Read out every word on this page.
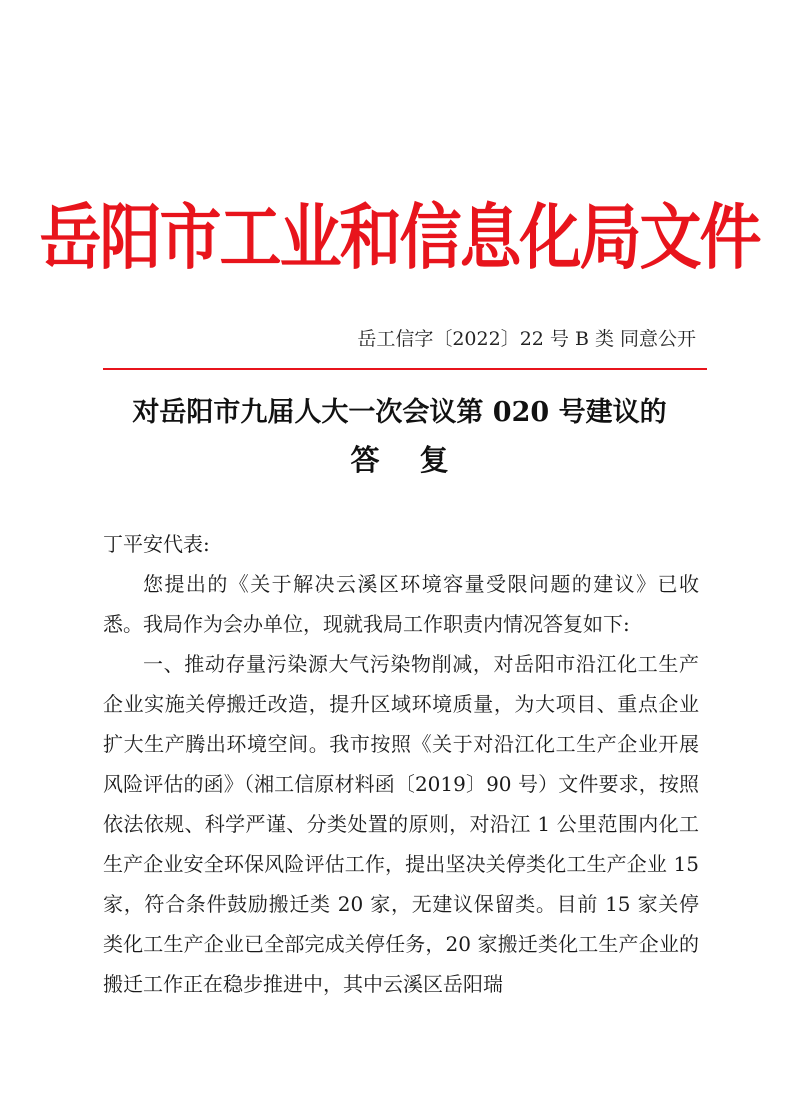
岳阳市工业和信息化局文件
岳工信字〔2022〕22 号 B 类 同意公开
对岳阳市九届人大一次会议第 020 号建议的
答复

丁平安代表:

您提出的《关于解决云溪区环境容量受限问题的建议》已收悉。我局作为会办单位，现就我局工作职责内情况答复如下:

一、推动存量污染源大气污染物削减，对岳阳市沿江化工生产企业实施关停搬迁改造，提升区域环境质量，为大项目、重点企业扩大生产腾出环境空间。我市按照《关于对沿江化工生产企业开展风险评估的函》（湘工信原材料函〔2019〕90 号）文件要求，按照依法依规、科学严谨、分类处置的原则，对沿江 1 公里范围内化工生产企业安全环保风险评估工作，提出坚决关停类化工生产企业 15 家，符合条件鼓励搬迁类 20 家，无建议保留类。目前 15 家关停类化工生产企业已全部完成关停任务，20 家搬迁类化工生产企业的搬迁工作正在稳步推进中，其中云溪区岳阳瑞
